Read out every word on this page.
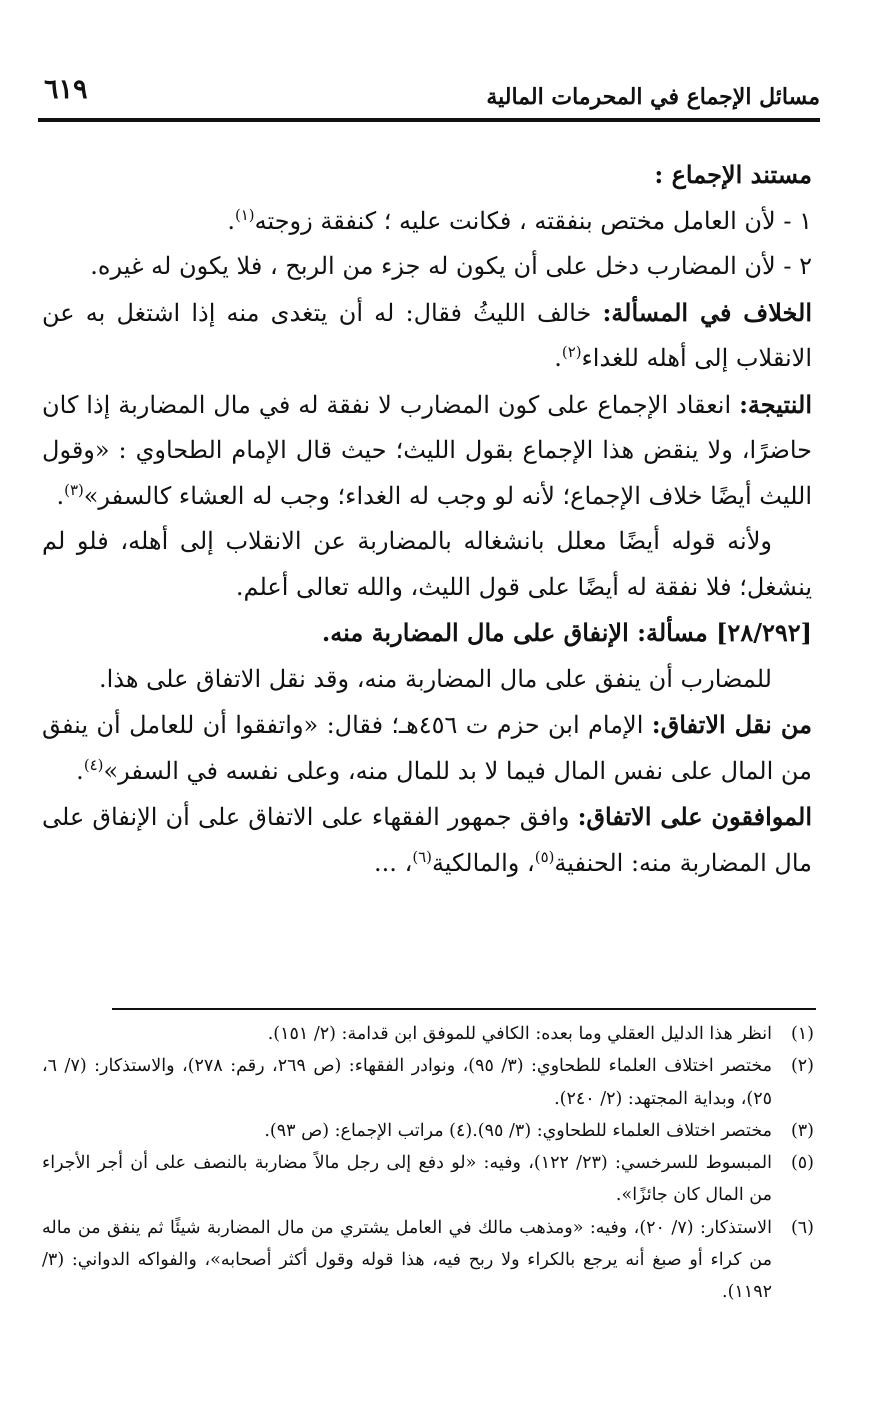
مسائل الإجماع في المحرمات المالية
٦١٩

مستند الإجماع :

١ - لأن العامل مختص بنفقته ، فكانت عليه ؛ كنفقة زوجته$^{(١)}$.

٢ - لأن المضارب دخل على أن يكون له جزء من الربح ، فلا يكون له غيره.

الخلاف في المسألة: خالف الليثُ فقال: له أن يتغدى منه إذا اشتغل به عن الانقلاب إلى أهله للغداء$^{(٢)}$.

النتيجة: انعقاد الإجماع على كون المضارب لا نفقة له في مال المضاربة إذا كان حاضرًا، ولا ينقض هذا الإجماع بقول الليث؛ حيث قال الإمام الطحاوي : «وقول الليث أيضًا خلاف الإجماع؛ لأنه لو وجب له الغداء؛ وجب له العشاء كالسفر»$^{(٣)}$.

ولأنه قوله أيضًا معلل بانشغاله بالمضاربة عن الانقلاب إلى أهله، فلو لم ينشغل؛ فلا نفقة له أيضًا على قول الليث، والله تعالى أعلم.

[٢٨/٢٩٢] مسألة: الإنفاق على مال المضاربة منه.

للمضارب أن ينفق على مال المضاربة منه، وقد نقل الاتفاق على هذا.

من نقل الاتفاق: الإمام ابن حزم ت ٤٥٦هـ؛ فقال: «واتفقوا أن للعامل أن ينفق من المال على نفس المال فيما لا بد للمال منه، وعلى نفسه في السفر»$^{(٤)}$.

الموافقون على الاتفاق: وافق جمهور الفقهاء على الاتفاق على أن الإنفاق على مال المضاربة منه: الحنفية$^{(٥)}$، والمالكية$^{(٦)}$، ...

(١)
انظر هذا الدليل العقلي وما بعده: الكافي للموفق ابن قدامة: (٢/ ١٥١).
(٢)
مختصر اختلاف العلماء للطحاوي: (٣/ ٩٥)، ونوادر الفقهاء: (ص ٢٦٩، رقم: ٢٧٨)، والاستذكار: (٧/ ٦، ٢٥)، وبداية المجتهد: (٢/ ٢٤٠).
(٣)
مختصر اختلاف العلماء للطحاوي: (٣/ ٩٥).(٤) مراتب الإجماع: (ص ٩٣).
(٥)
المبسوط للسرخسي: (٢٣/ ١٢٢)، وفيه: «لو دفع إلى رجل مالاً مضاربة بالنصف على أن أجر الأجراء من المال كان جائزًا».
(٦)
الاستذكار: (٧/ ٢٠)، وفيه: «ومذهب مالك في العامل يشتري من مال المضاربة شيئًا ثم ينفق من ماله من كراء أو صبغ أنه يرجع بالكراء ولا ربح فيه، هذا قوله وقول أكثر أصحابه»، والفواكه الدواني: (٣/ ١١٩٢).
